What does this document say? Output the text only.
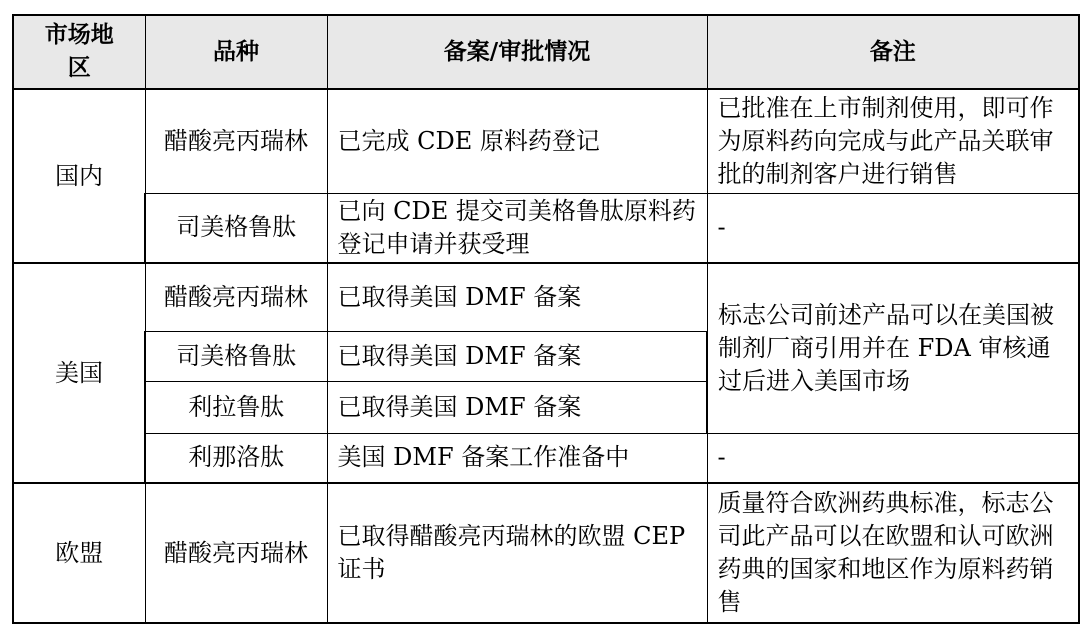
市场地区	品种	备案/审批情况	备注
国内	醋酸亮丙瑞林	已完成 CDE 原料药登记	已批准在上市制剂使用，即可作为原料药向完成与此产品关联审批的制剂客户进行销售
	司美格鲁肽	已向 CDE 提交司美格鲁肽原料药登记申请并获受理	-
美国	醋酸亮丙瑞林	已取得美国 DMF 备案	标志公司前述产品可以在美国被制剂厂商引用并在 FDA 审核通过后进入美国市场
	司美格鲁肽	已取得美国 DMF 备案	
	利拉鲁肽	已取得美国 DMF 备案	
	利那洛肽	美国 DMF 备案工作准备中	-
欧盟	醋酸亮丙瑞林	已取得醋酸亮丙瑞林的欧盟 CEP 证书	质量符合欧洲药典标准，标志公司此产品可以在欧盟和认可欧洲药典的国家和地区作为原料药销售
